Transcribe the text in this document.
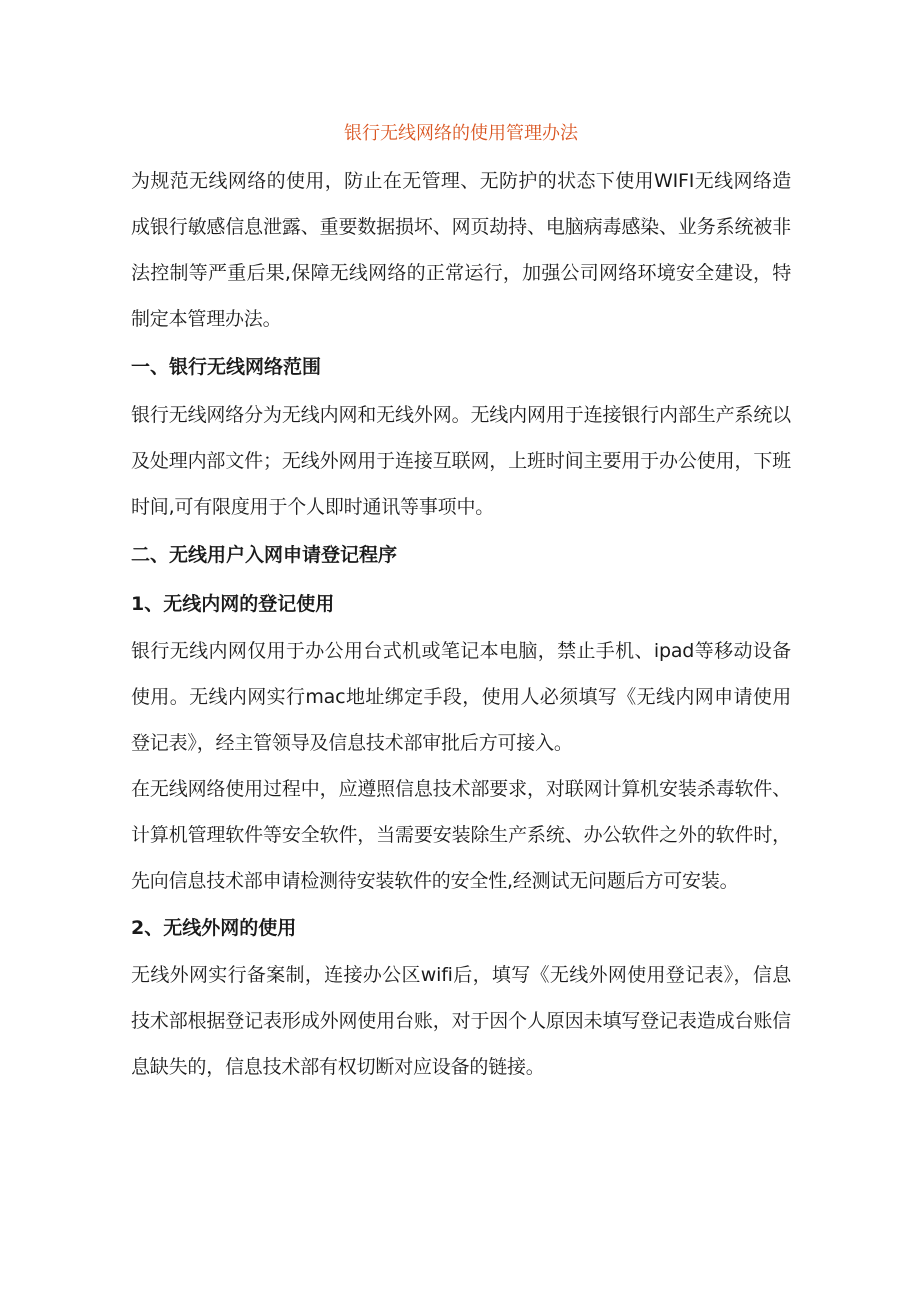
银行无线网络的使用管理办法

为规范无线网络的使用，防止在无管理、无防护的状态下使用WIFI无线网络造成银行敏感信息泄露、重要数据损坏、网页劫持、电脑病毒感染、业务系统被非法控制等严重后果,保障无线网络的正常运行，加强公司网络环境安全建设，特制定本管理办法。

一、银行无线网络范围

银行无线网络分为无线内网和无线外网。无线内网用于连接银行内部生产系统以及处理内部文件；无线外网用于连接互联网，上班时间主要用于办公使用，下班时间,可有限度用于个人即时通讯等事项中。

二、无线用户入网申请登记程序
1、无线内网的登记使用

银行无线内网仅用于办公用台式机或笔记本电脑，禁止手机、ipad等移动设备使用。无线内网实行mac地址绑定手段，使用人必须填写《无线内网申请使用登记表》，经主管领导及信息技术部审批后方可接入。

在无线网络使用过程中，应遵照信息技术部要求，对联网计算机安装杀毒软件、计算机管理软件等安全软件，当需要安装除生产系统、办公软件之外的软件时，先向信息技术部申请检测待安装软件的安全性,经测试无问题后方可安装。

2、无线外网的使用

无线外网实行备案制，连接办公区wifi后，填写《无线外网使用登记表》，信息技术部根据登记表形成外网使用台账，对于因个人原因未填写登记表造成台账信息缺失的，信息技术部有权切断对应设备的链接。
